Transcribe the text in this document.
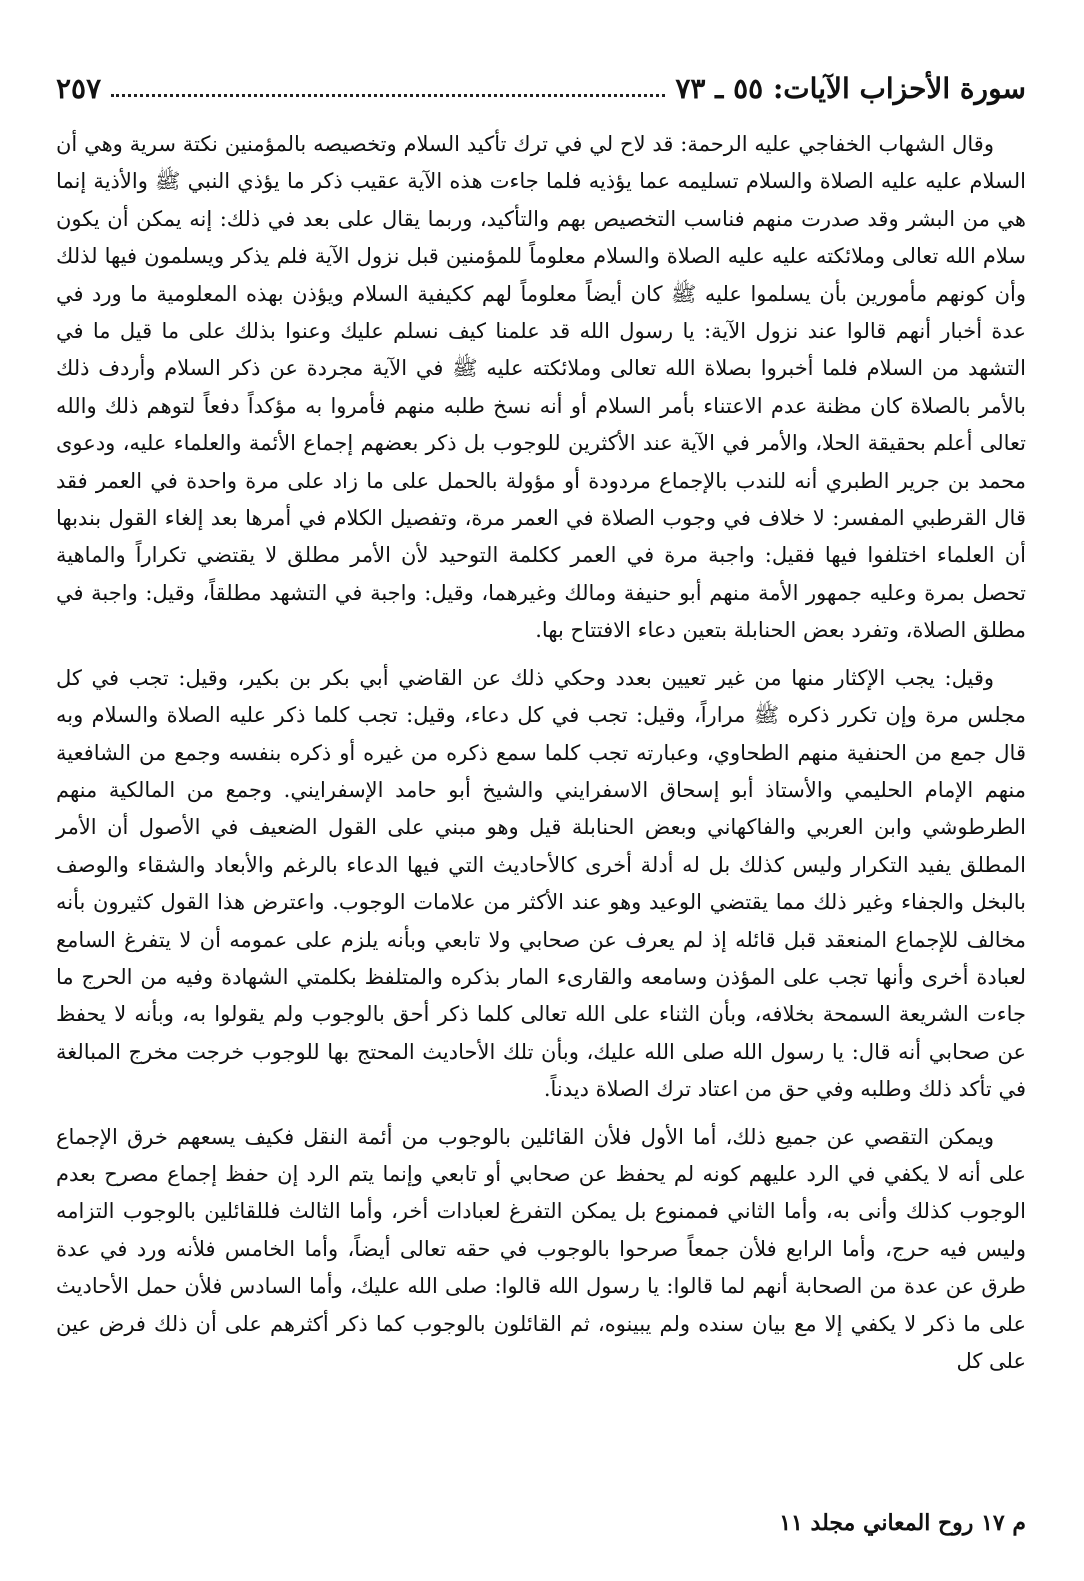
سورة الأحزاب الآيات: ٥٥ ـ ٧٣
٢٥٧

وقال الشهاب الخفاجي عليه الرحمة: قد لاح لي في ترك تأكيد السلام وتخصيصه بالمؤمنين نكتة سرية وهي أن السلام عليه عليه الصلاة والسلام تسليمه عما يؤذيه فلما جاءت هذه الآية عقيب ذكر ما يؤذي النبي ﷺ والأذية إنما هي من البشر وقد صدرت منهم فناسب التخصيص بهم والتأكيد، وربما يقال على بعد في ذلك: إنه يمكن أن يكون سلام الله تعالى وملائكته عليه عليه الصلاة والسلام معلوماً للمؤمنين قبل نزول الآية فلم يذكر ويسلمون فيها لذلك وأن كونهم مأمورين بأن يسلموا عليه ﷺ كان أيضاً معلوماً لهم ككيفية السلام ويؤذن بهذه المعلومية ما ورد في عدة أخبار أنهم قالوا عند نزول الآية: يا رسول الله قد علمنا كيف نسلم عليك وعنوا بذلك على ما قيل ما في التشهد من السلام فلما أخبروا بصلاة الله تعالى وملائكته عليه ﷺ في الآية مجردة عن ذكر السلام وأردف ذلك بالأمر بالصلاة كان مظنة عدم الاعتناء بأمر السلام أو أنه نسخ طلبه منهم فأمروا به مؤكداً دفعاً لتوهم ذلك والله تعالى أعلم بحقيقة الحلا، والأمر في الآية عند الأكثرين للوجوب بل ذكر بعضهم إجماع الأئمة والعلماء عليه، ودعوى محمد بن جرير الطبري أنه للندب بالإجماع مردودة أو مؤولة بالحمل على ما زاد على مرة واحدة في العمر فقد قال القرطبي المفسر: لا خلاف في وجوب الصلاة في العمر مرة، وتفصيل الكلام في أمرها بعد إلغاء القول بندبها أن العلماء اختلفوا فيها فقيل: واجبة مرة في العمر ككلمة التوحيد لأن الأمر مطلق لا يقتضي تكراراً والماهية تحصل بمرة وعليه جمهور الأمة منهم أبو حنيفة ومالك وغيرهما، وقيل: واجبة في التشهد مطلقاً، وقيل: واجبة في مطلق الصلاة، وتفرد بعض الحنابلة بتعين دعاء الافتتاح بها.

وقيل: يجب الإكثار منها من غير تعيين بعدد وحكي ذلك عن القاضي أبي بكر بن بكير، وقيل: تجب في كل مجلس مرة وإن تكرر ذكره ﷺ مراراً، وقيل: تجب في كل دعاء، وقيل: تجب كلما ذكر عليه الصلاة والسلام وبه قال جمع من الحنفية منهم الطحاوي، وعبارته تجب كلما سمع ذكره من غيره أو ذكره بنفسه وجمع من الشافعية منهم الإمام الحليمي والأستاذ أبو إسحاق الاسفرايني والشيخ أبو حامد الإسفرايني. وجمع من المالكية منهم الطرطوشي وابن العربي والفاكهاني وبعض الحنابلة قيل وهو مبني على القول الضعيف في الأصول أن الأمر المطلق يفيد التكرار وليس كذلك بل له أدلة أخرى كالأحاديث التي فيها الدعاء بالرغم والأبعاد والشقاء والوصف بالبخل والجفاء وغير ذلك مما يقتضي الوعيد وهو عند الأكثر من علامات الوجوب. واعترض هذا القول كثيرون بأنه مخالف للإجماع المنعقد قبل قائله إذ لم يعرف عن صحابي ولا تابعي وبأنه يلزم على عمومه أن لا يتفرغ السامع لعبادة أخرى وأنها تجب على المؤذن وسامعه والقارىء المار بذكره والمتلفظ بكلمتي الشهادة وفيه من الحرج ما جاءت الشريعة السمحة بخلافه، وبأن الثناء على الله تعالى كلما ذكر أحق بالوجوب ولم يقولوا به، وبأنه لا يحفظ عن صحابي أنه قال: يا رسول الله صلى الله عليك، وبأن تلك الأحاديث المحتج بها للوجوب خرجت مخرج المبالغة في تأكد ذلك وطلبه وفي حق من اعتاد ترك الصلاة ديدناً.

ويمكن التقصي عن جميع ذلك، أما الأول فلأن القائلين بالوجوب من أئمة النقل فكيف يسعهم خرق الإجماع على أنه لا يكفي في الرد عليهم كونه لم يحفظ عن صحابي أو تابعي وإنما يتم الرد إن حفظ إجماع مصرح بعدم الوجوب كذلك وأنى به، وأما الثاني فممنوع بل يمكن التفرغ لعبادات أخر، وأما الثالث فللقائلين بالوجوب التزامه وليس فيه حرج، وأما الرابع فلأن جمعاً صرحوا بالوجوب في حقه تعالى أيضاً، وأما الخامس فلأنه ورد في عدة طرق عن عدة من الصحابة أنهم لما قالوا: يا رسول الله قالوا: صلى الله عليك، وأما السادس فلأن حمل الأحاديث على ما ذكر لا يكفي إلا مع بيان سنده ولم يبينوه، ثم القائلون بالوجوب كما ذكر أكثرهم على أن ذلك فرض عين على كل

م ١٧ روح المعاني مجلد ١١
